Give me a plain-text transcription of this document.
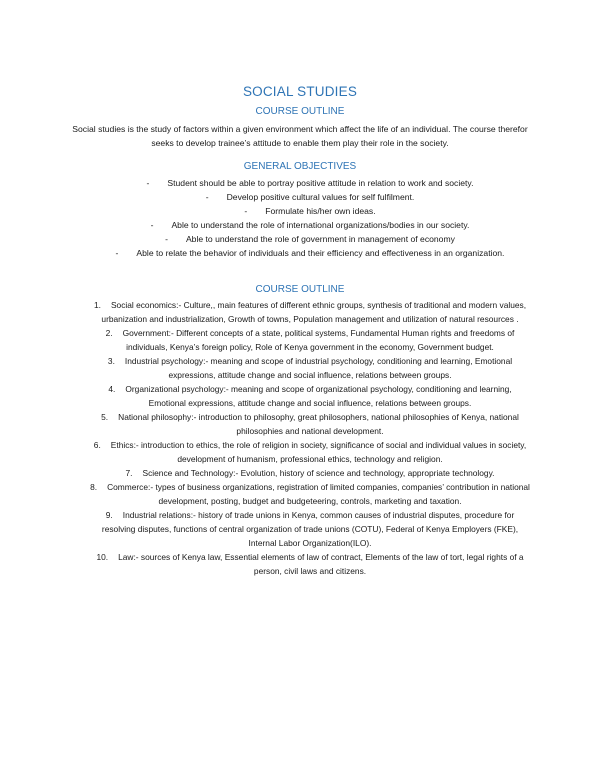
SOCIAL STUDIES
COURSE OUTLINE
Social studies is the study of factors within a given environment which affect the life of an individual. The course therefor seeks to develop trainee’s attitude to enable them play their role in the society.
GENERAL OBJECTIVES
- Student should be able to portray positive attitude in relation to work and society.
- Develop positive cultural values for self fulfilment.
- Formulate his/her own ideas.
- Able to understand the role of international organizations/bodies in our society.
- Able to understand the role of government in management of economy
- Able to relate the behavior of individuals and their efficiency and effectiveness in an organization.
COURSE OUTLINE
1. Social economics:- Culture,, main features of different ethnic groups, synthesis of traditional and modern values, urbanization and industrialization, Growth of towns, Population management and utilization of natural resources .
2. Government:- Different concepts of a state, political systems, Fundamental Human rights and freedoms of individuals, Kenya’s foreign policy, Role of Kenya government in the economy, Government budget.
3. Industrial psychology:- meaning and scope of industrial psychology, conditioning and learning, Emotional expressions, attitude change and social influence, relations between groups.
4. Organizational psychology:- meaning and scope of organizational psychology, conditioning and learning, Emotional expressions, attitude change and social influence, relations between groups.
5. National philosophy:- introduction to philosophy, great philosophers, national philosophies of Kenya, national philosophies and national development.
6. Ethics:- introduction to ethics, the role of religion in society, significance of social and individual values in society, development of humanism, professional ethics, technology and religion.
7. Science and Technology:- Evolution, history of science and technology, appropriate technology.
8. Commerce:- types of business organizations, registration of limited companies, companies’ contribution in national development, posting, budget and budgeteering, controls, marketing and taxation.
9. Industrial relations:- history of trade unions in Kenya, common causes of industrial disputes, procedure for resolving disputes, functions of central organization of trade unions (COTU), Federal of Kenya Employers (FKE), Internal Labor Organization(ILO).
10. Law:- sources of Kenya law, Essential elements of law of contract, Elements of the law of tort, legal rights of a person, civil laws and citizens.
